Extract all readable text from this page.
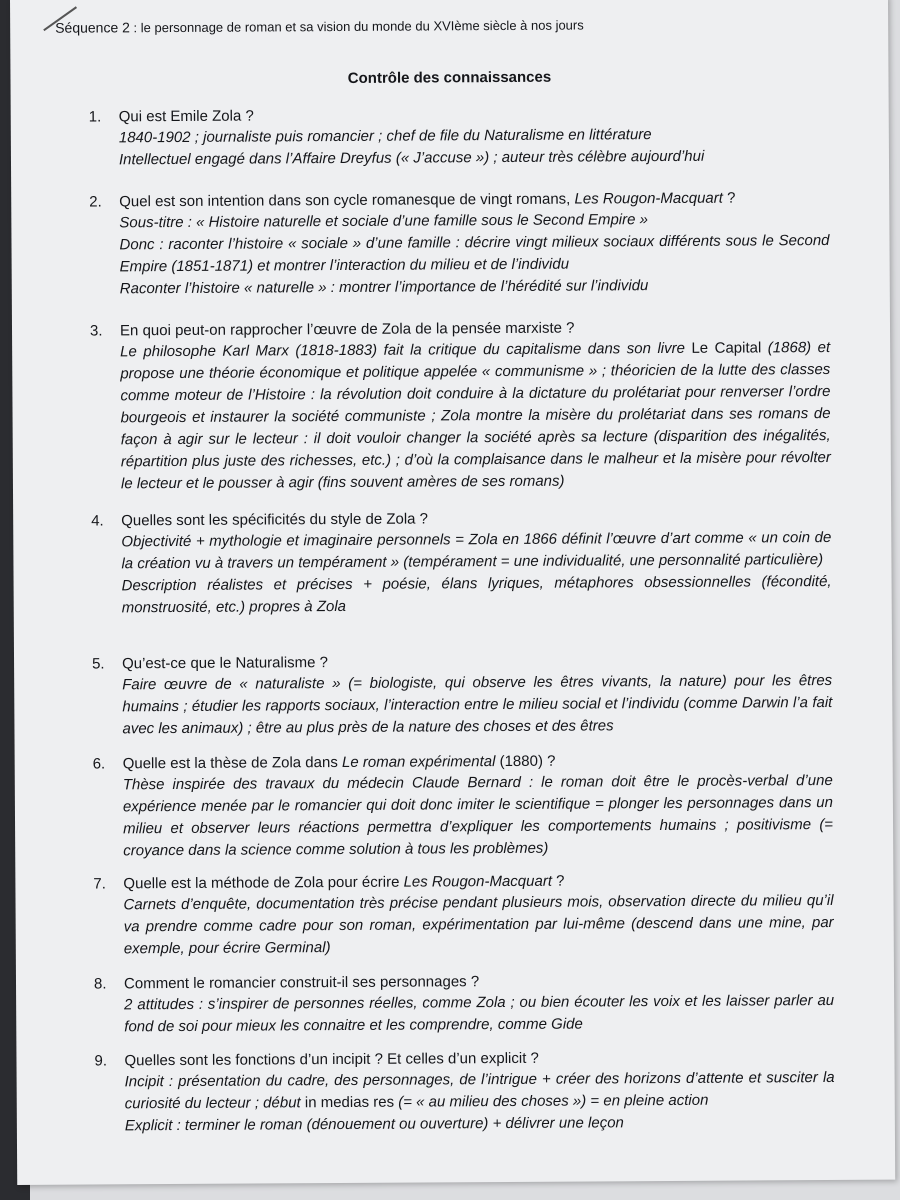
Séquence 2 : le personnage de roman et sa vision du monde du XVIème siècle à nos jours
Contrôle des connaissances
1.	Qui est Emile Zola ?

1840-1902 ; journaliste puis romancier ; chef de file du Naturalisme en littérature

Intellectuel engagé dans l’Affaire Dreyfus (« J’accuse ») ; auteur très célèbre aujourd’hui

2.	Quel est son intention dans son cycle romanesque de vingt romans, Les Rougon-Macquart ?

Sous-titre : « Histoire naturelle et sociale d’une famille sous le Second Empire »

Donc : raconter l’histoire « sociale » d’une famille : décrire vingt milieux sociaux différents sous le Second Empire (1851-1871) et montrer l’interaction du milieu et de l’individu

Raconter l’histoire « naturelle » : montrer l’importance de l’hérédité sur l’individu

3.	En quoi peut-on rapprocher l’œuvre de Zola de la pensée marxiste ?

Le philosophe Karl Marx (1818-1883) fait la critique du capitalisme dans son livre Le Capital (1868) et propose une théorie économique et politique appelée « communisme » ; théoricien de la lutte des classes comme moteur de l’Histoire : la révolution doit conduire à la dictature du prolétariat pour renverser l’ordre bourgeois et instaurer la société communiste ; Zola montre la misère du prolétariat dans ses romans de façon à agir sur le lecteur : il doit vouloir changer la société après sa lecture (disparition des inégalités, répartition plus juste des richesses, etc.) ; d’où la complaisance dans le malheur et la misère pour révolter le lecteur et le pousser à agir (fins souvent amères de ses romans)

4.	Quelles sont les spécificités du style de Zola ?

Objectivité + mythologie et imaginaire personnels = Zola en 1866 définit l’œuvre d’art comme « un coin de la création vu à travers un tempérament » (tempérament = une individualité, une personnalité particulière)

Description réalistes et précises + poésie, élans lyriques, métaphores obsessionnelles (fécondité, monstruosité, etc.) propres à Zola

5.	Qu’est-ce que le Naturalisme ?

Faire œuvre de « naturaliste » (= biologiste, qui observe les êtres vivants, la nature) pour les êtres humains ; étudier les rapports sociaux, l’interaction entre le milieu social et l’individu (comme Darwin l’a fait avec les animaux) ; être au plus près de la nature des choses et des êtres

6.	Quelle est la thèse de Zola dans Le roman expérimental (1880) ?

Thèse inspirée des travaux du médecin Claude Bernard : le roman doit être le procès-verbal d’une expérience menée par le romancier qui doit donc imiter le scientifique = plonger les personnages dans un milieu et observer leurs réactions permettra d’expliquer les comportements humains ; positivisme (= croyance dans la science comme solution à tous les problèmes)

7.	Quelle est la méthode de Zola pour écrire Les Rougon-Macquart ?

Carnets d’enquête, documentation très précise pendant plusieurs mois, observation directe du milieu qu’il va prendre comme cadre pour son roman, expérimentation par lui-même (descend dans une mine, par exemple, pour écrire Germinal)

8.	Comment le romancier construit-il ses personnages ?

2 attitudes : s’inspirer de personnes réelles, comme Zola ; ou bien écouter les voix et les laisser parler au fond de soi pour mieux les connaitre et les comprendre, comme Gide

9.	Quelles sont les fonctions d’un incipit ? Et celles d’un explicit ?

Incipit : présentation du cadre, des personnages, de l’intrigue + créer des horizons d’attente et susciter la curiosité du lecteur ; début in medias res (= « au milieu des choses ») = en pleine action

Explicit : terminer le roman (dénouement ou ouverture) + délivrer une leçon
